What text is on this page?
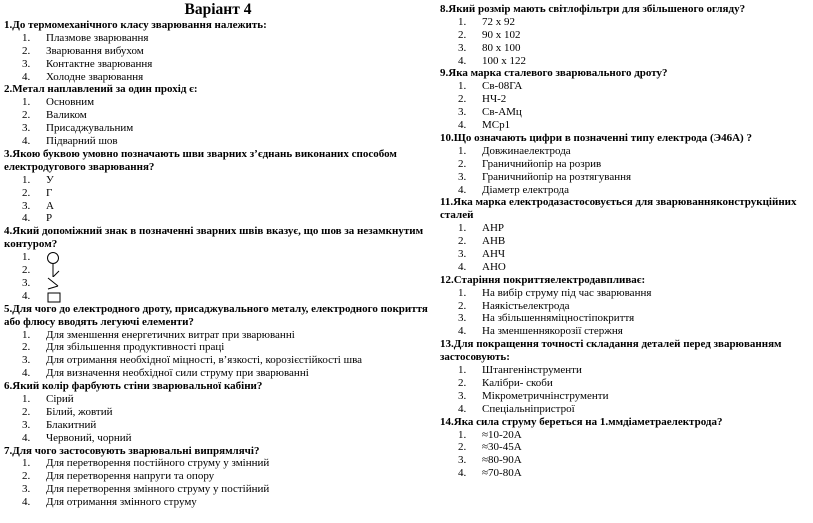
Варіант 4
1.До термомеханічного класу зварювання належить:
1. Плазмове зварювання
2. Зварювання вибухом
3. Контактне зварювання
4. Холодне зварювання
2.Метал наплавлений за один прохід є:
1. Основним
2. Валиком
3. Присаджувальним
4. Підварний шов
3.Якою буквою умовно позначають шви зварних з’єднань виконаних способом електродугового зварювання?
1. У
2. Г
3. А
4. Р
4.Який допоміжний знак в позначенні зварних швів вказує, що шов за незамкнутим контуром?
1.
2.
3.
4.
5.Для чого до електродного дроту, присаджувального металу, електродного покриття або флюсу вводять легуючі елементи?
1. Для зменшення енергетичних витрат при зварюванні
2. Для збільшення продуктивності праці
3. Для отримання необхідної міцності, в’язкості, корозієстійкості шва
4. Для визначення необхідної сили струму при зварюванні
6.Який колір фарбують стіни зварювальної кабіни?
1. Сірий
2. Білий, жовтий
3. Блакитний
4. Червоний, чорний
7.Для чого застосовують зварювальні випрямлячі?
1. Для перетворення постійного струму у змінний
2. Для перетворення напруги та опору
3. Для перетворення змінного струму у постійний
4. Для отримання змінного струму
8.Який розмір мають світлофільтри для збільшеного огляду?
1. 72 х 92
2. 90 х 102
3. 80 х 100
4. 100 х 122
9.Яка марка сталевого зварювального дроту?
1. Св-08ГА
2. НЧ-2
3. Св-АМц
4. МСр1
10.Що означають цифри в позначенні типу електрода (Э46А) ?
1. Довжинаелектрода
2. Граничнийопір на розрив
3. Граничнийопір на розтягування
4. Діаметр електрода
11.Яка марка електродазастосовується для зварюванняконструкційних сталей
1. АНР
2. АНВ
3. АНЧ
4. АНО
12.Старіння покриттяелектродавпливає:
1. На вибір струму під час зварювання
2. Наякістьелектрода
3. На збільшенняміцностіпокриття
4. На зменшеннякорозії стержня
13.Для покращення точності складання деталей перед зварюванням застосовують:
1. Штангенінструменти
2. Калібри- скоби
3. Мікрометричнінструменти
4. Спеціальніпристрої
14.Яка сила струму береться на 1.ммдіаметраелектрода?
1. ≈10-20А
2. ≈30-45А
3. ≈80-90А
4. ≈70-80А
